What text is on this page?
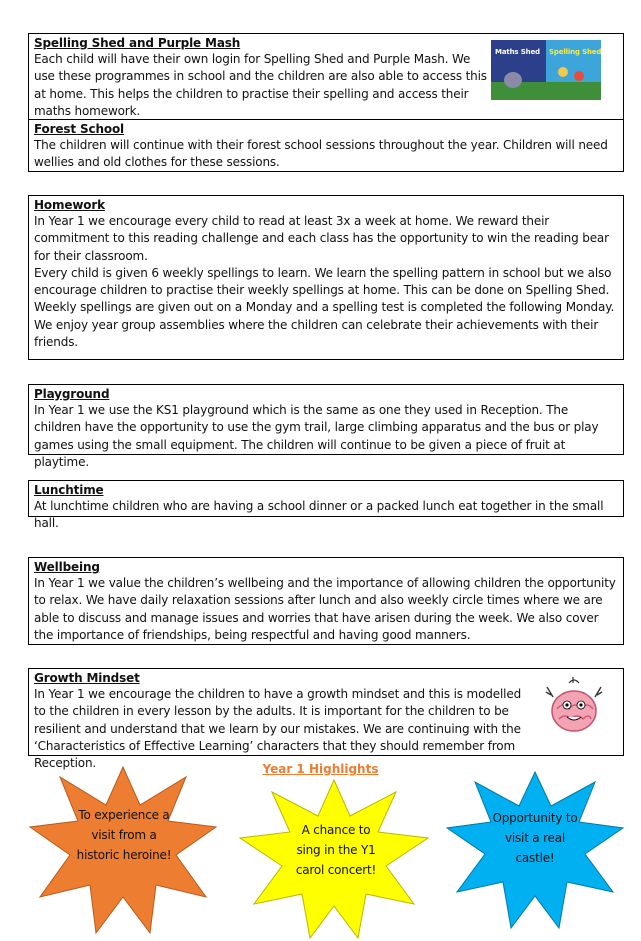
Spelling Shed and Purple Mash

Each child will have their own login for Spelling Shed and Purple Mash. We use these programmes in school and the children are also able to access this at home. This helps the children to practise their spelling and access their maths homework.

Maths Shed Spelling Shed
Forest School

The children will continue with their forest school sessions throughout the year. Children will need wellies and old clothes for these sessions.

Homework

In Year 1 we encourage every child to read at least 3x a week at home. We reward their commitment to this reading challenge and each class has the opportunity to win the reading bear for their classroom.

Every child is given 6 weekly spellings to learn. We learn the spelling pattern in school but we also encourage children to practise their weekly spellings at home. This can be done on Spelling Shed. Weekly spellings are given out on a Monday and a spelling test is completed the following Monday.

We enjoy year group assemblies where the children can celebrate their achievements with their friends.

Playground

In Year 1 we use the KS1 playground which is the same as one they used in Reception. The children have the opportunity to use the gym trail, large climbing apparatus and the bus or play games using the small equipment. The children will continue to be given a piece of fruit at playtime.

Lunchtime

At lunchtime children who are having a school dinner or a packed lunch eat together in the small hall.

Wellbeing

In Year 1 we value the children’s wellbeing and the importance of allowing children the opportunity to relax. We have daily relaxation sessions after lunch and also weekly circle times where we are able to discuss and manage issues and worries that have arisen during the week. We also cover the importance of friendships, being respectful and having good manners.

Growth Mindset

In Year 1 we encourage the children to have a growth mindset and this is modelled to the children in every lesson by the adults. It is important for the children to be resilient and understand that we learn by our mistakes. We are continuing with the ‘Characteristics of Effective Learning’ characters that they should remember from Reception.	Year 1 Highlights
To experience a visit from a historic heroine!
A chance to sing in the Y1 carol concert!
Opportunity to visit a real castle!
